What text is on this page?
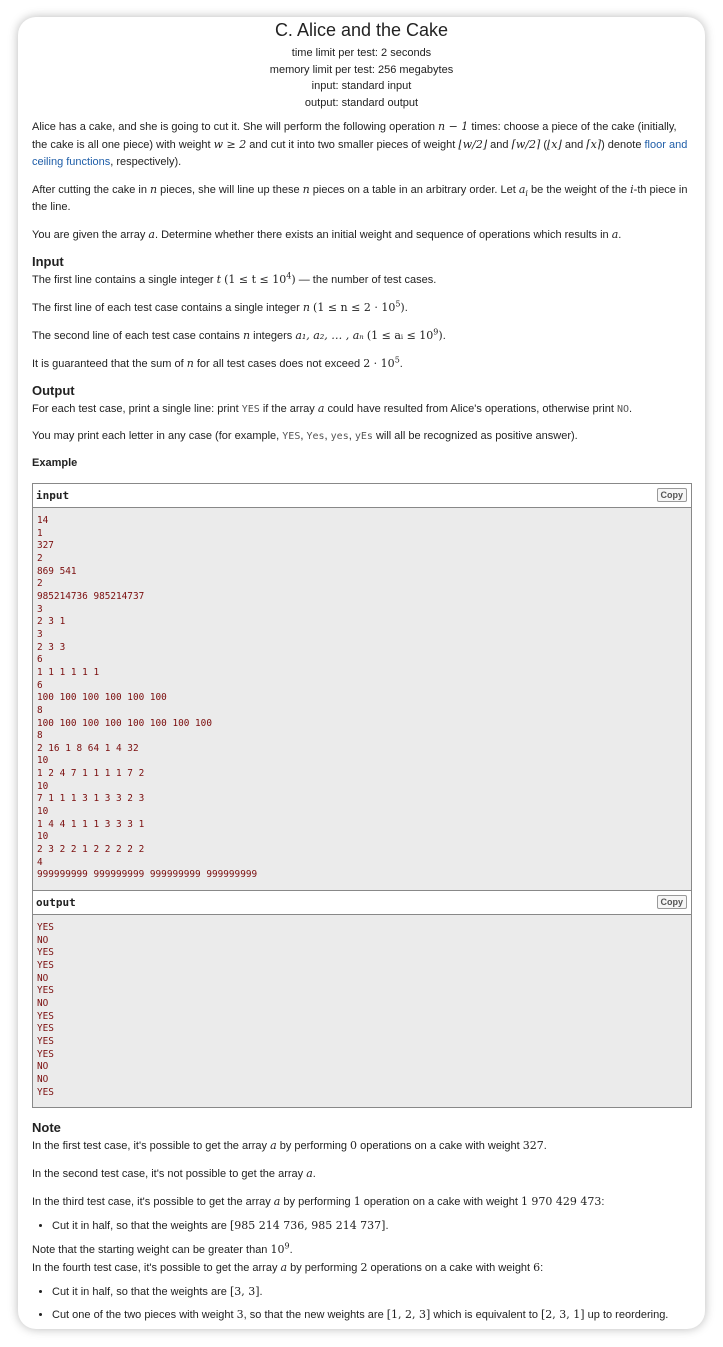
C. Alice and the Cake
time limit per test: 2 seconds
memory limit per test: 256 megabytes
input: standard input
output: standard output

Alice has a cake, and she is going to cut it. She will perform the following operation n − 1 times: choose a piece of the cake (initially, the cake is all one piece) with weight w ≥ 2 and cut it into two smaller pieces of weight ⌊w/2⌋ and ⌈w/2⌉ (⌊x⌋ and ⌈x⌉) denote floor and ceiling functions, respectively).

After cutting the cake in n pieces, she will line up these n pieces on a table in an arbitrary order. Let $a_i$ be the weight of the i-th piece in the line.

You are given the array a. Determine whether there exists an initial weight and sequence of operations which results in a.

Input

The first line contains a single integer t $(1 \le t \le 10^4)$ — the number of test cases.

The first line of each test case contains a single integer n $(1 \le n \le 2 \cdot 10^5)$.

The second line of each test case contains n integers a₁, a₂, … , aₙ (1 ≤ aᵢ ≤ $10^9$).

It is guaranteed that the sum of n for all test cases does not exceed $2 \cdot 10^5$.

Output

For each test case, print a single line: print YES if the array a could have resulted from Alice's operations, otherwise print NO.

You may print each letter in any case (for example, YES, Yes, yes, yEs will all be recognized as positive answer).

Example
input	Copy
14
1
327
2
869 541
2
985214736 985214737
3
2 3 1
3
2 3 3
6
1 1 1 1 1 1
6
100 100 100 100 100 100
8
100 100 100 100 100 100 100 100
8
2 16 1 8 64 1 4 32
10
1 2 4 7 1 1 1 1 7 2
10
7 1 1 1 3 1 3 3 2 3
10
1 4 4 1 1 1 3 3 3 1
10
2 3 2 2 1 2 2 2 2 2
4
999999999 999999999 999999999 999999999
output	Copy
YES
NO
YES
YES
NO
YES
NO
YES
YES
YES
YES
NO
NO
YES
Note

In the first test case, it's possible to get the array a by performing 0 operations on a cake with weight 327.

In the second test case, it's not possible to get the array a.

In the third test case, it's possible to get the array a by performing 1 operation on a cake with weight 1 970 429 473:

• Cut it in half, so that the weights are [985 214 736, 985 214 737].

Note that the starting weight can be greater than $10^9$.

In the fourth test case, it's possible to get the array a by performing 2 operations on a cake with weight 6:

• Cut it in half, so that the weights are [3, 3].
• Cut one of the two pieces with weight 3, so that the new weights are [1, 2, 3] which is equivalent to [2, 3, 1] up to reordering.
